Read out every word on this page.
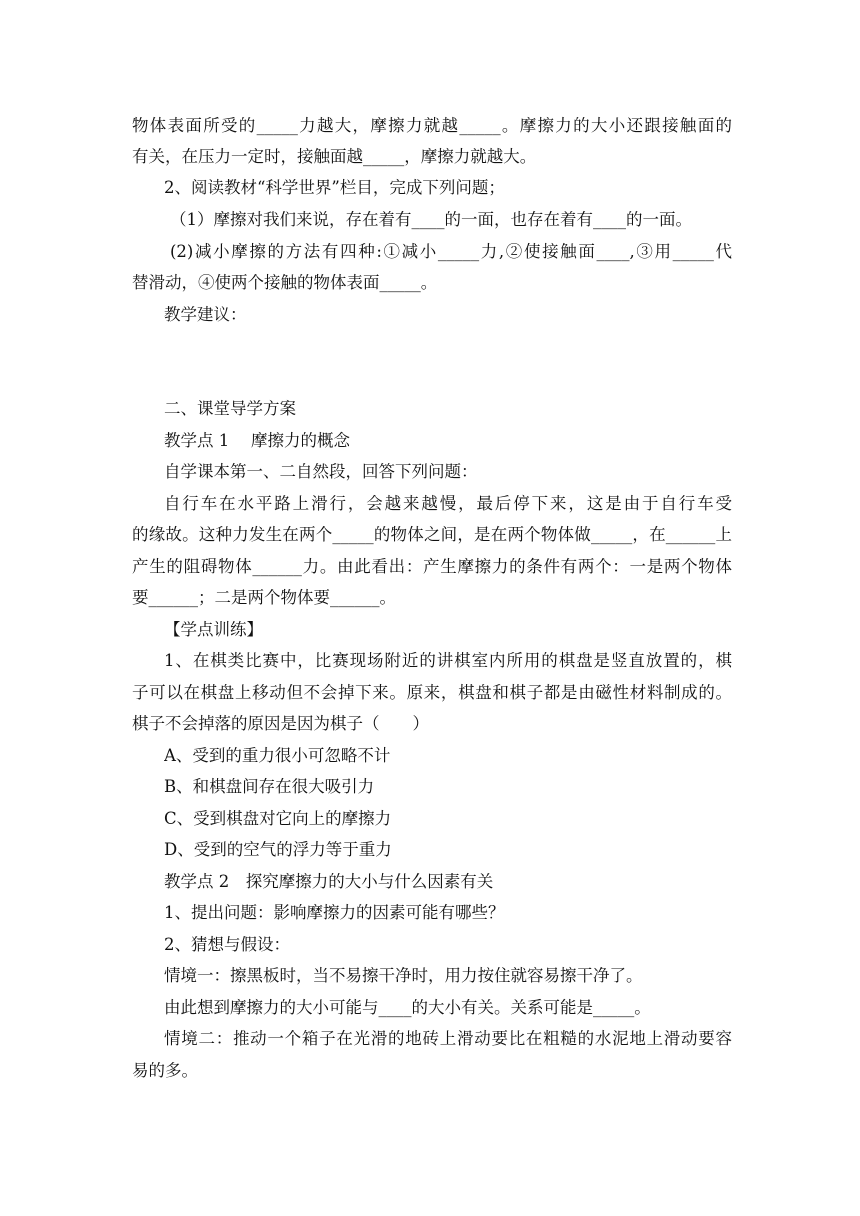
物体表面所受的_____力越大，摩擦力就越_____。摩擦力的大小还跟接触面的
有关，在压力一定时，接触面越_____，摩擦力就越大。
2、阅读教材“科学世界”栏目，完成下列问题；
（1）摩擦对我们来说，存在着有____的一面，也存在着有____的一面。
(2)减小摩擦的方法有四种:①减小_____力,②使接触面____,③用_____代
替滑动，④使两个接触的物体表面_____。
教学建议：
二、课堂导学方案
教学点 1　 摩擦力的概念
自学课本第一、二自然段，回答下列问题：
自行车在水平路上滑行，会越来越慢，最后停下来，这是由于自行车受
的缘故。这种力发生在两个_____的物体之间，是在两个物体做_____，在______上
产生的阻碍物体______力。由此看出：产生摩擦力的条件有两个：一是两个物体
要______；二是两个物体要______。
【学点训练】
1、在棋类比赛中，比赛现场附近的讲棋室内所用的棋盘是竖直放置的，棋
子可以在棋盘上移动但不会掉下来。原来，棋盘和棋子都是由磁性材料制成的。
棋子不会掉落的原因是因为棋子（　　）
A、受到的重力很小可忽略不计
B、和棋盘间存在很大吸引力
C、受到棋盘对它向上的摩擦力
D、受到的空气的浮力等于重力
教学点 2　探究摩擦力的大小与什么因素有关
1、提出问题：影响摩擦力的因素可能有哪些？
2、猜想与假设：
情境一：擦黑板时，当不易擦干净时，用力按住就容易擦干净了。
由此想到摩擦力的大小可能与____的大小有关。关系可能是_____。
情境二：推动一个箱子在光滑的地砖上滑动要比在粗糙的水泥地上滑动要容
易的多。
